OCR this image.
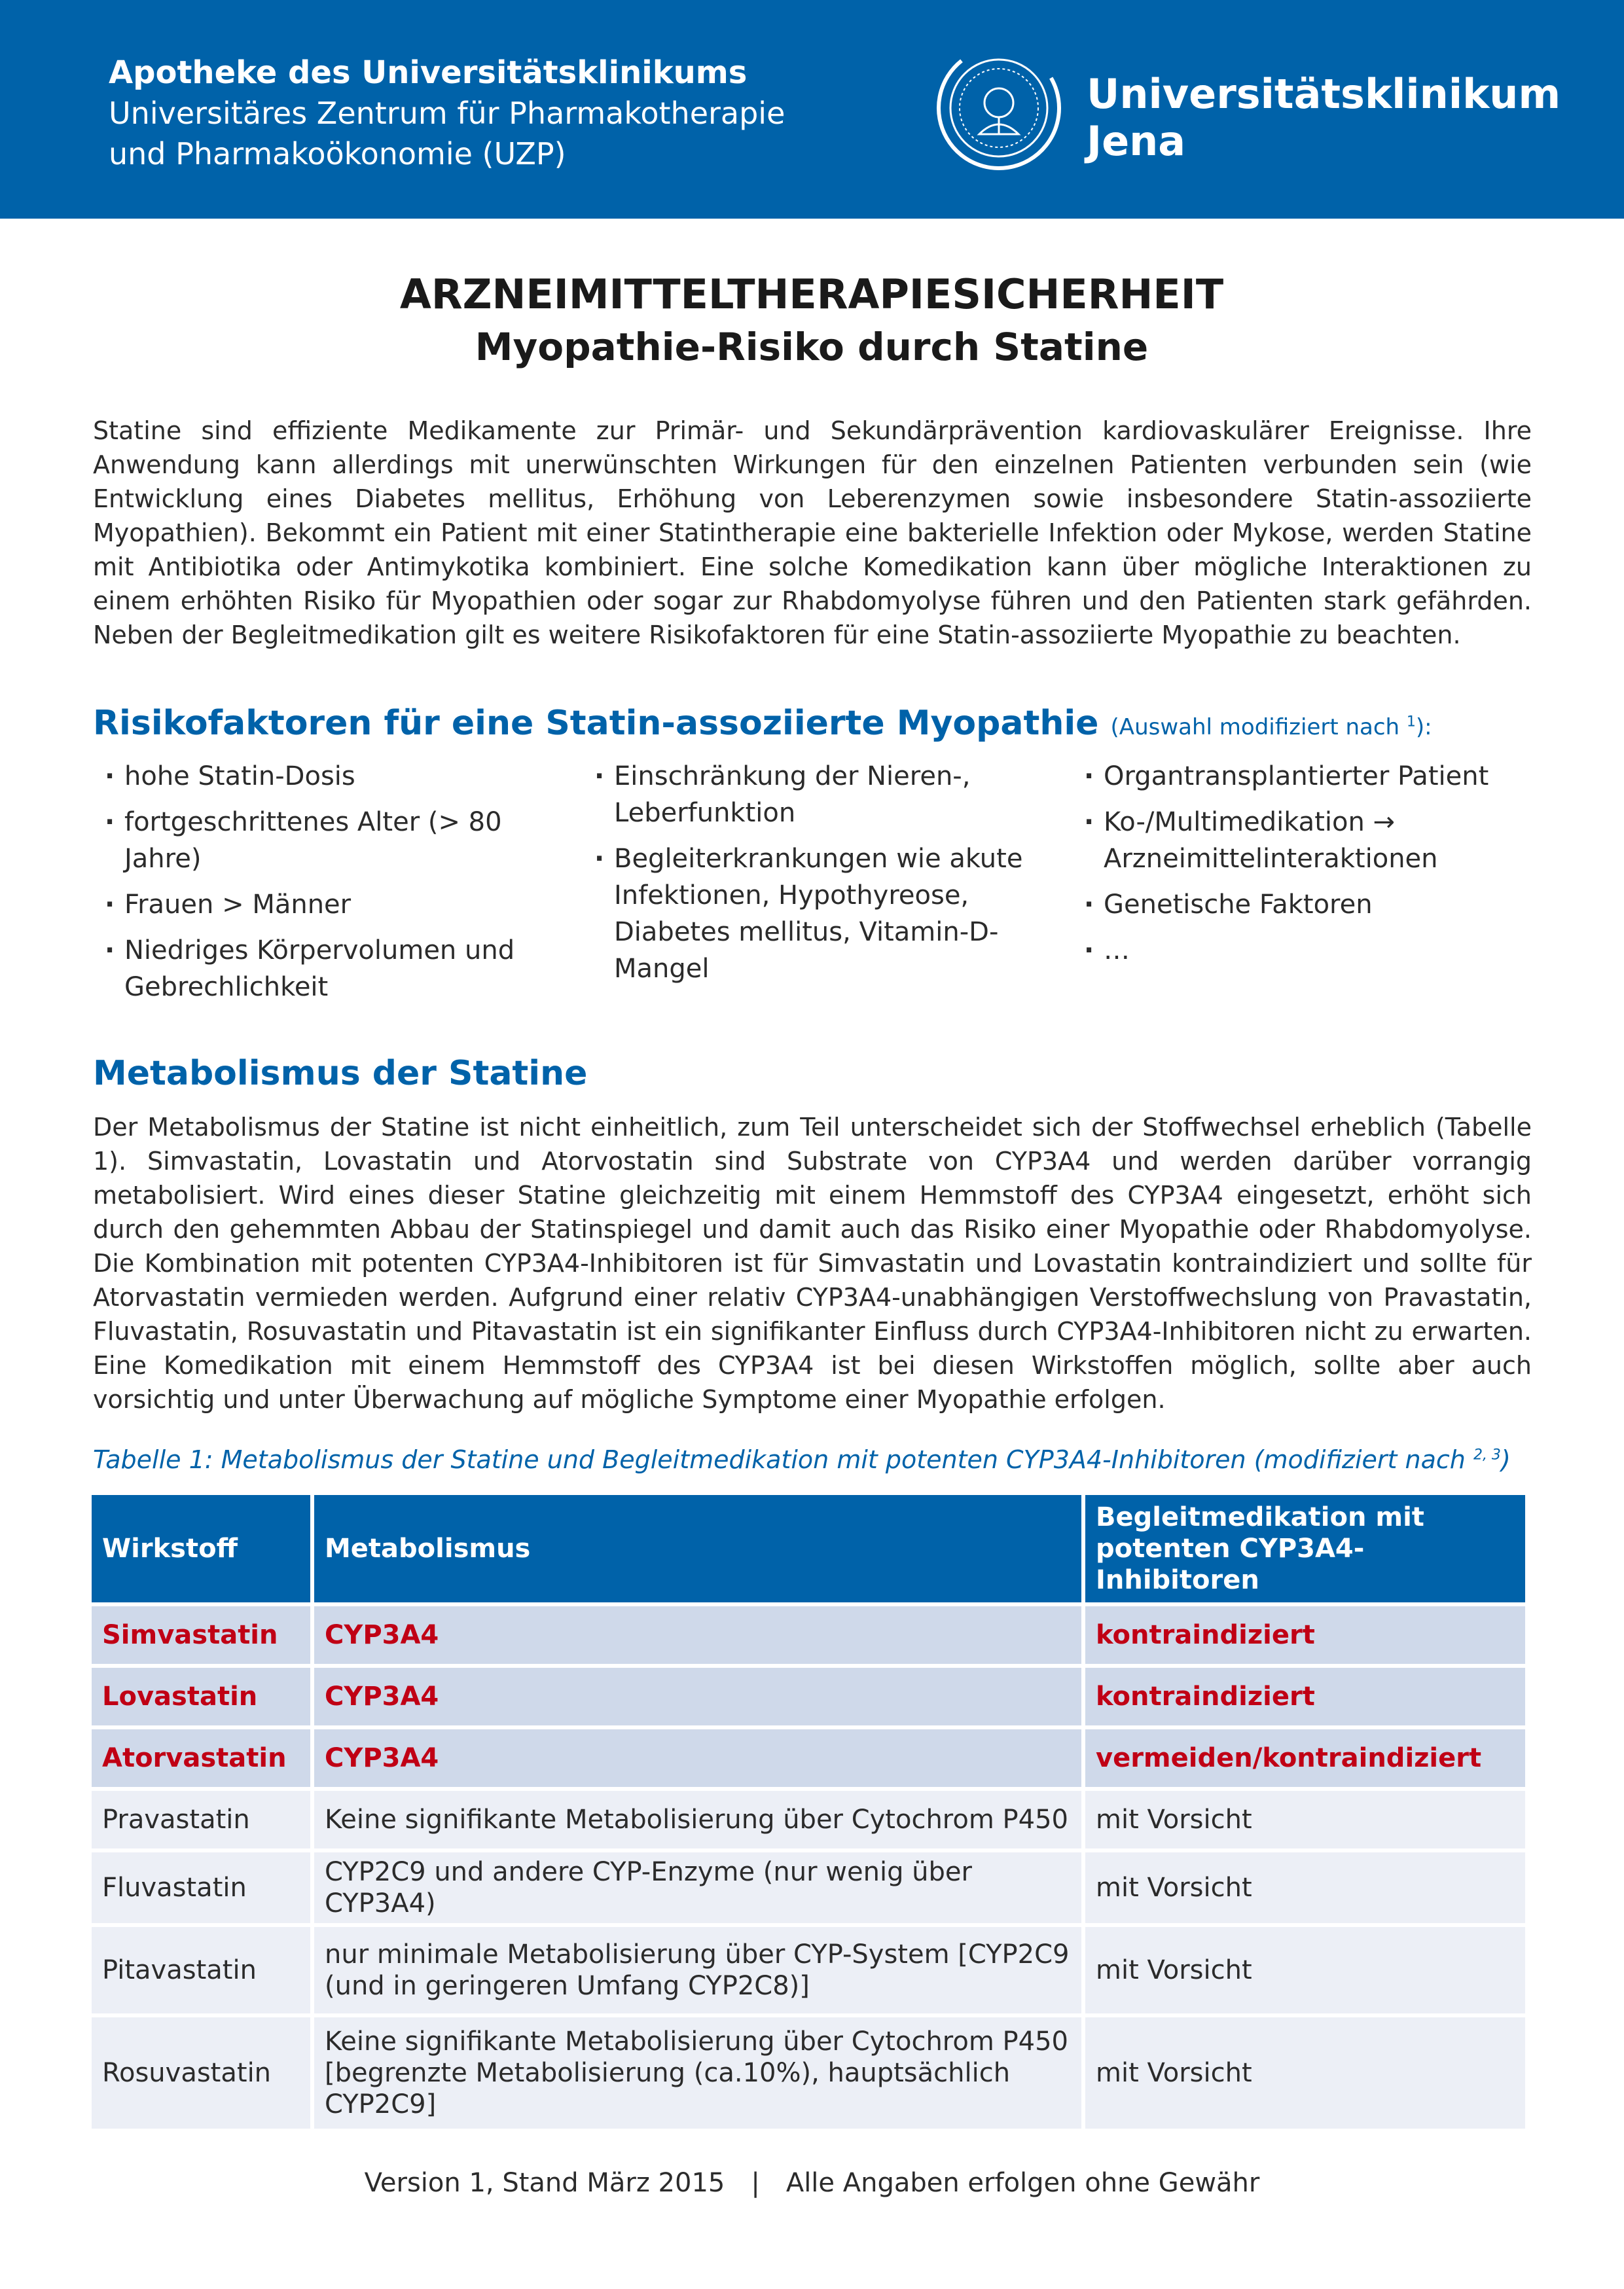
Apotheke des Universitätsklinikums
Universitäres Zentrum für Pharmakotherapie
und Pharmakoökonomie (UZP)
Universitätsklinikum
Jena
ARZNEIMITTELTHERAPIESICHERHEIT
Myopathie-Risiko durch Statine
Statine sind effiziente Medikamente zur Primär- und Sekundärprävention kardiovaskulärer Ereignisse. Ihre Anwendung kann allerdings mit unerwünschten Wirkungen für den einzelnen Patienten verbunden sein (wie Entwicklung eines Diabetes mellitus, Erhöhung von Leberenzymen sowie insbesondere Statin-assoziierte Myopathien). Bekommt ein Patient mit einer Statintherapie eine bakterielle Infektion oder Mykose, werden Statine mit Antibiotika oder Antimykotika kombiniert. Eine solche Komedikation kann über mögliche Interaktionen zu einem erhöhten Risiko für Myopathien oder sogar zur Rhabdomyolyse führen und den Patienten stark gefährden. Neben der Begleitmedikation gilt es weitere Risikofaktoren für eine Statin-assoziierte Myopathie zu beachten.
Risikofaktoren für eine Statin-assoziierte Myopathie (Auswahl modifiziert nach $^1$):
· hohe Statin-Dosis
· fortgeschrittenes Alter (> 80 Jahre)
· Frauen > Männer
· Niedriges Körpervolumen und Gebrechlichkeit
· Einschränkung der Nieren-, Leberfunktion
· Begleiterkrankungen wie akute Infektionen, Hypothyreose, Diabetes mellitus, Vitamin-D-Mangel
· Organtransplantierter Patient
· Ko-/Multimedikation → Arzneimittelinteraktionen
· Genetische Faktoren
· …
Metabolismus der Statine
Der Metabolismus der Statine ist nicht einheitlich, zum Teil unterscheidet sich der Stoffwechsel erheblich (Tabelle 1). Simvastatin, Lovastatin und Atorvostatin sind Substrate von CYP3A4 und werden darüber vorrangig metabolisiert. Wird eines dieser Statine gleichzeitig mit einem Hemmstoff des CYP3A4 eingesetzt, erhöht sich durch den gehemmten Abbau der Statinspiegel und damit auch das Risiko einer Myopathie oder Rhabdomyolyse. Die Kombination mit potenten CYP3A4-Inhibitoren ist für Simvastatin und Lovastatin kontraindiziert und sollte für Atorvastatin vermieden werden. Aufgrund einer relativ CYP3A4-unabhängigen Verstoffwechslung von Pravastatin, Fluvastatin, Rosuvastatin und Pitavastatin ist ein signifikanter Einfluss durch CYP3A4-Inhibitoren nicht zu erwarten. Eine Komedikation mit einem Hemmstoff des CYP3A4 ist bei diesen Wirkstoffen möglich, sollte aber auch vorsichtig und unter Überwachung auf mögliche Symptome einer Myopathie erfolgen.
Tabelle 1: Metabolismus der Statine und Begleitmedikation mit potenten CYP3A4-Inhibitoren (modifiziert nach $^{2, 3}$)
Wirkstoff	Metabolismus	Begleitmedikation mit potenten CYP3A4-Inhibitoren
Simvastatin	CYP3A4	kontraindiziert
Lovastatin	CYP3A4	kontraindiziert
Atorvastatin	CYP3A4	vermeiden/kontraindiziert
Pravastatin	Keine signifikante Metabolisierung über Cytochrom P450	mit Vorsicht
Fluvastatin	CYP2C9 und andere CYP-Enzyme (nur wenig über CYP3A4)	mit Vorsicht
Pitavastatin	nur minimale Metabolisierung über CYP-System [CYP2C9 (und in geringeren Umfang CYP2C8)]	mit Vorsicht
Rosuvastatin	Keine signifikante Metabolisierung über Cytochrom P450 [begrenzte Metabolisierung (ca.10%), hauptsächlich CYP2C9]	mit Vorsicht
Version 1, Stand März 2015 | Alle Angaben erfolgen ohne Gewähr
